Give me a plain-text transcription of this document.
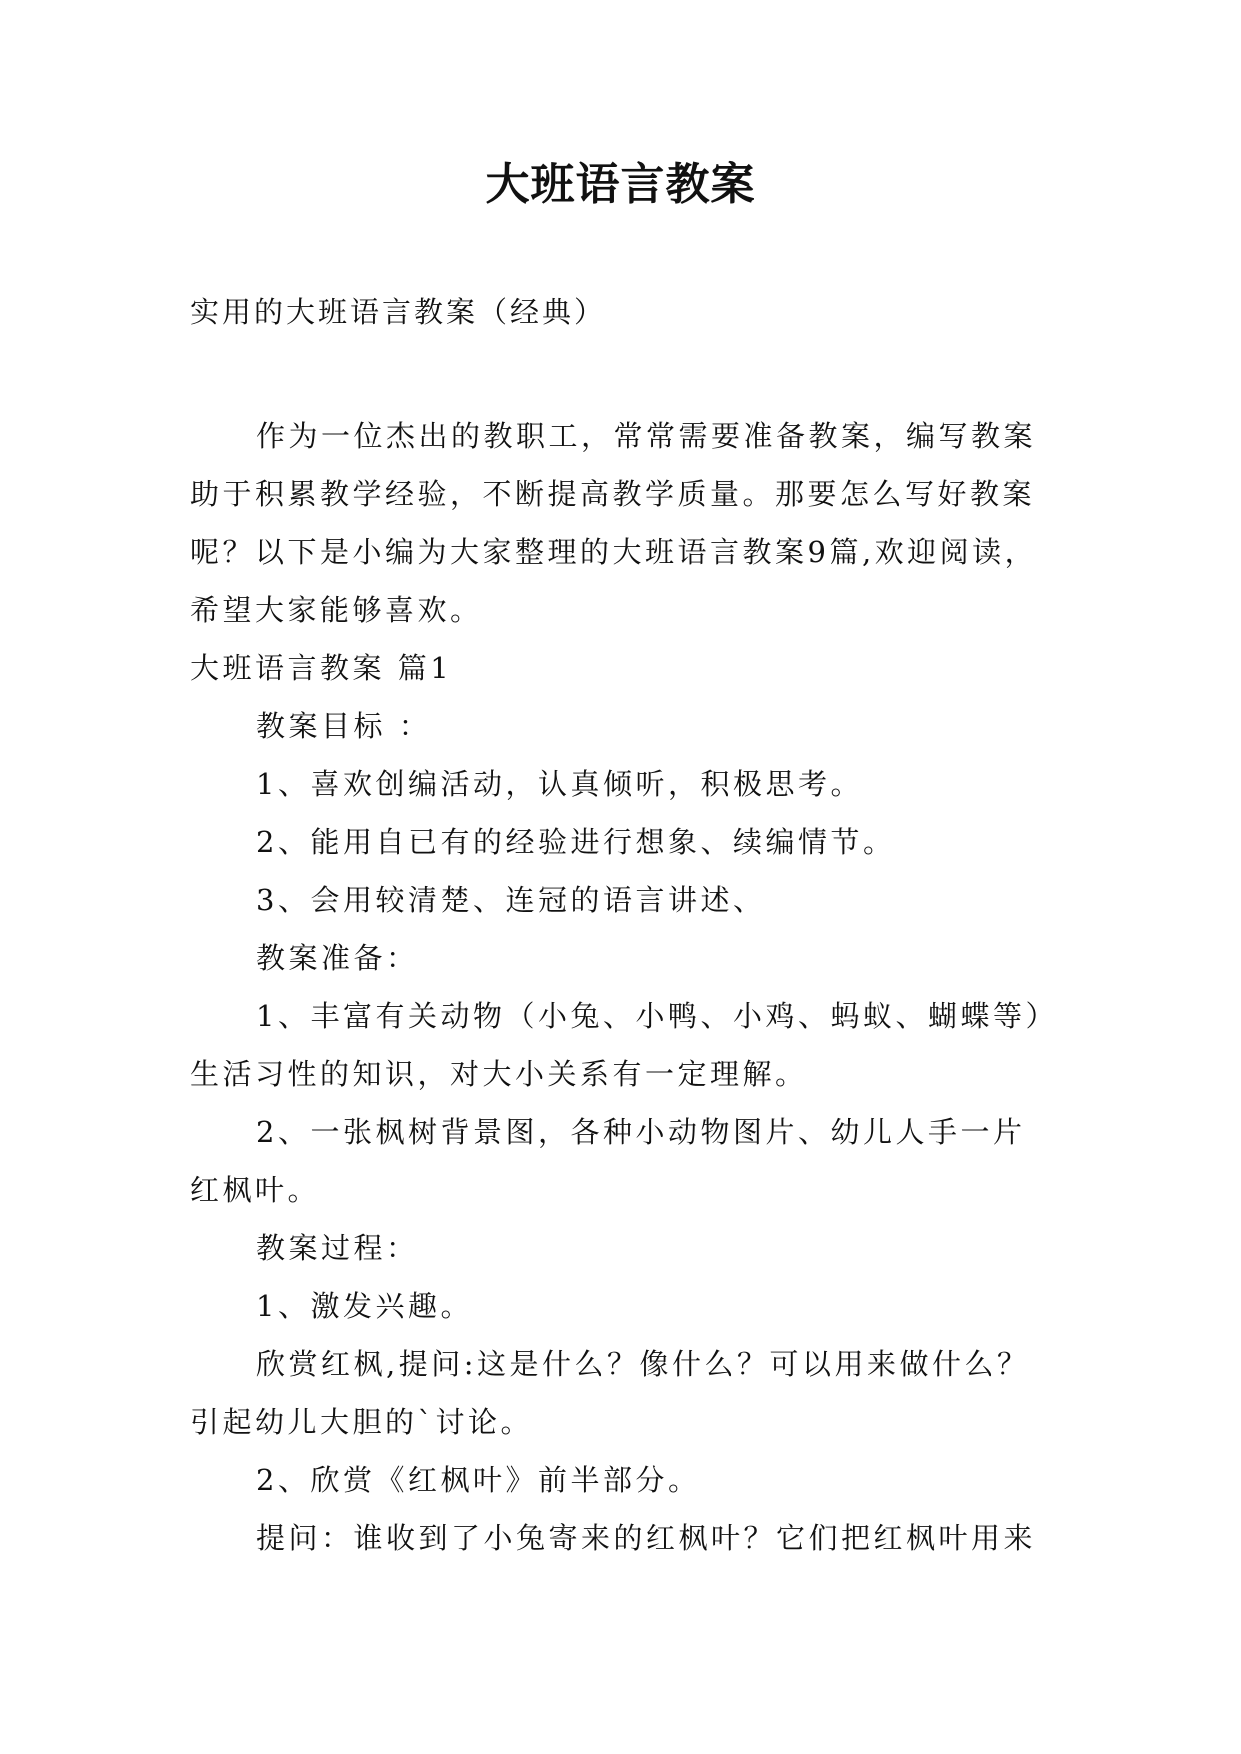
大班语言教案

实用的大班语言教案（经典）

作为一位杰出的教职工，常常需要准备教案，编写教案

助于积累教学经验，不断提高教学质量。那要怎么写好教案

呢？以下是小编为大家整理的大班语言教案9篇,欢迎阅读，

希望大家能够喜欢。

大班语言教案 篇1

教案目标 ：

1、喜欢创编活动，认真倾听，积极思考。

2、能用自已有的经验进行想象、续编情节。

3、会用较清楚、连冠的语言讲述、

教案准备：

1、丰富有关动物（小兔、小鸭、小鸡、蚂蚁、蝴蝶等）

生活习性的知识，对大小关系有一定理解。

2、一张枫树背景图，各种小动物图片、幼儿人手一片

红枫叶。

教案过程：

1、激发兴趣。

欣赏红枫,提问:这是什么？像什么？可以用来做什么？

引起幼儿大胆的`讨论。

2、欣赏《红枫叶》前半部分。

提问：谁收到了小兔寄来的红枫叶？它们把红枫叶用来
